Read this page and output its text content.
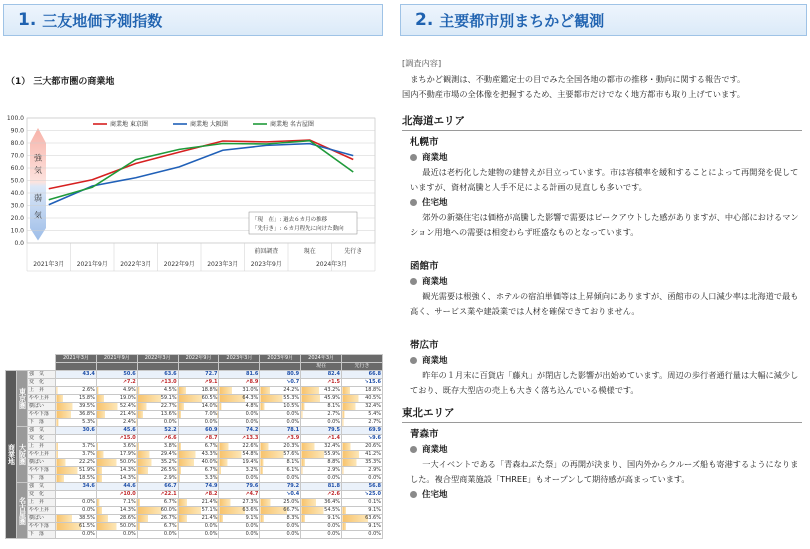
1. 三友地価予測指数	2. 主要都市別まちかど観測
（1） 三大都市圏の商業地
強
気
弱
気
0.0
10.0
20.0
30.0
40.0
50.0
60.0
70.0
80.0
90.0
100.0
2021年3月 2021年9月 2022年3月 2022年9月 2023年3月
前回調査	現在	先行き
2023年9月	2024年3月
商業地 東京圏	商業地 大阪圏	商業地 名古屋圏
「現　在」: 過去６カ月の推移
「先行き」: ６カ月程先に向けた動向
			2021年3月	2021年9月	2022年3月	2022年9月	2023年3月	2023年9月	2024年3月	
									現在	先行き
商業地	東京圏	強　気	43.4	50.6	63.6	72.7	81.6	80.9	82.4	66.8
		変　化		↗7.2	↗13.0	↗9.1	↗8.9	↘0.7	↗1.5	↘15.6
		上　昇	2.6%	4.9%	4.5%	18.8%	31.0%	24.2%	43.2%	18.8%
		やや上昇	15.8%	19.0%	59.1%	60.5%	64.3%	55.3%	45.9%	40.5%
		横ばい	39.5%	52.4%	22.7%	14.0%	4.8%	10.5%	8.1%	32.4%
		やや下落	36.8%	21.4%	13.6%	7.0%	0.0%	0.0%	2.7%	5.4%
		下　落	5.3%	2.4%	0.0%	0.0%	0.0%	0.0%	0.0%	2.7%
	大阪圏	強　気	30.6	45.6	52.2	60.9	74.2	78.1	79.5	69.9
		変　化		↗15.0	↗6.6	↗8.7	↗13.3	↗3.9	↗1.4	↘9.6
		上　昇	3.7%	3.6%	3.8%	6.7%	22.6%	20.3%	32.4%	20.6%
		やや上昇	3.7%	17.9%	29.4%	43.3%	54.8%	57.6%	55.9%	41.2%
		横ばい	22.2%	50.0%	35.2%	40.0%	19.4%	8.1%	8.8%	35.3%
		やや下落	51.9%	14.3%	26.5%	6.7%	3.2%	6.1%	2.9%	2.9%
		下　落	18.5%	14.3%	2.9%	3.3%	0.0%	0.0%	0.0%	0.0%
	名古屋圏	強　気	34.6	44.6	66.7	74.9	79.6	79.2	81.8	56.8
		変　化		↗10.0	↗22.1	↗8.2	↗4.7	↘0.4	↗2.6	↘25.0
		上　昇	0.0%	7.1%	6.7%	21.4%	27.3%	25.0%	36.4%	0.1%
		やや上昇	0.0%	14.3%	60.0%	57.1%	63.6%	66.7%	54.5%	9.1%
		横ばい	38.5%	28.6%	26.7%	21.4%	9.1%	8.3%	9.1%	63.6%
		やや下落	61.5%	50.0%	6.7%	0.0%	0.0%	0.0%	0.0%	9.1%
		下　落	0.0%	0.0%	0.0%	0.0%	0.0%	0.0%	0.0%	0.0%
[調査内容]
まちかど観測は、不動産鑑定士の目でみた全国各地の都市の推移・動向に関する報告です。
国内不動産市場の全体像を把握するため、主要都市だけでなく地方都市も取り上げています。
北海道エリア
札幌市
商業地
最近は老朽化した建物の建替えが目立っています。市は容積率を緩和することによって再開発を促していますが、資材高騰と人手不足による計画の見直しも多いです。
住宅地
郊外の新築住宅は価格が高騰した影響で需要はピークアウトした感がありますが、中心部におけるマンション用地への需要は相変わらず旺盛なものとなっています。
函館市
商業地
観光需要は根強く、ホテルの宿泊単価等は上昇傾向にありますが、函館市の人口減少率は北海道で最も高く、サービス業や建設業では人材を確保できておりません。
帯広市
商業地
昨年の１月末に百貨店「藤丸」が閉店した影響が出始めています。周辺の歩行者通行量は大幅に減少しており、既存大型店の売上も大きく落ち込んでいる模様です。
東北エリア
青森市
商業地
一大イベントである「青森ねぶた祭」の再開が決まり、国内外からクルーズ船も寄港するようになりました。複合型商業施設「THREE」もオープンして期待感が高まっています。
住宅地
